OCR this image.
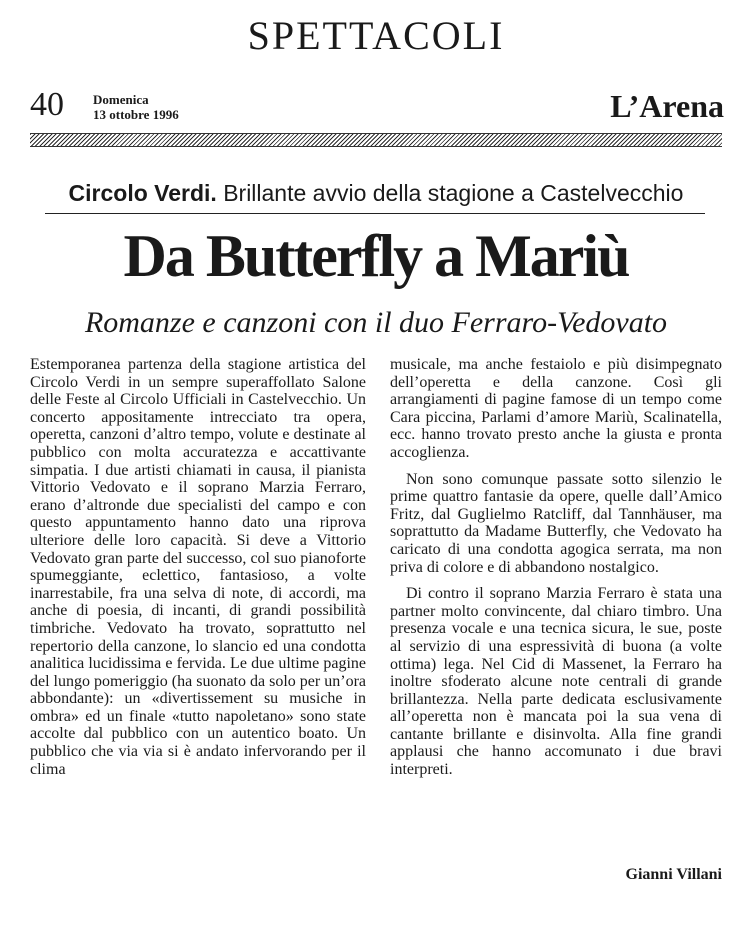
SPETTACOLI
40 Domenica
13 ottobre 1996	L’Arena
Circolo Verdi. Brillante avvio della stagione a Castelvecchio
Da Butterfly a Mariù
Romanze e canzoni con il duo Ferraro-Vedovato

Estemporanea partenza della stagione artistica del Circolo Verdi in un sempre superaffollato Salone delle Feste al Circolo Ufficiali in Castelvecchio. Un concerto appositamente intrecciato tra opera, operetta, canzoni d’altro tempo, volute e destinate al pubblico con molta accuratezza e accattivante simpatia. I due artisti chiamati in causa, il pianista Vittorio Vedovato e il soprano Marzia Ferraro, erano d’altronde due specialisti del campo e con questo appuntamento hanno dato una riprova ulteriore delle loro capacità. Si deve a Vittorio Vedovato gran parte del successo, col suo pianoforte spumeggiante, eclettico, fantasioso, a volte inarrestabile, fra una selva di note, di accordi, ma anche di poesia, di incanti, di grandi possibilità timbriche. Vedovato ha trovato, soprattutto nel repertorio della canzone, lo slancio ed una condotta analitica lucidissima e fervida. Le due ultime pagine del lungo pomeriggio (ha suonato da solo per un’ora abbondante): un «divertissement su musiche in ombra» ed un finale «tutto napoletano» sono state accolte dal pubblico con un autentico boato. Un pubblico che via via si è andato infervorando per il clima

musicale, ma anche festaiolo e più disimpegnato dell’operetta e della canzone. Così gli arrangiamenti di pagine famose di un tempo come Cara piccina, Parlami d’amore Mariù, Scalinatella, ecc. hanno trovato presto anche la giusta e pronta accoglienza.

Non sono comunque passate sotto silenzio le prime quattro fantasie da opere, quelle dall’Amico Fritz, dal Guglielmo Ratcliff, dal Tannhäuser, ma soprattutto da Madame Butterfly, che Vedovato ha caricato di una condotta agogica serrata, ma non priva di colore e di abbandono nostalgico.

Di contro il soprano Marzia Ferraro è stata una partner molto convincente, dal chiaro timbro. Una presenza vocale e una tecnica sicura, le sue, poste al servizio di una espressività di buona (a volte ottima) lega. Nel Cid di Massenet, la Ferraro ha inoltre sfoderato alcune note centrali di grande brillantezza. Nella parte dedicata esclusivamente all’operetta non è mancata poi la sua vena di cantante brillante e disinvolta. Alla fine grandi applausi che hanno accomunato i due bravi interpreti.

Gianni Villani
